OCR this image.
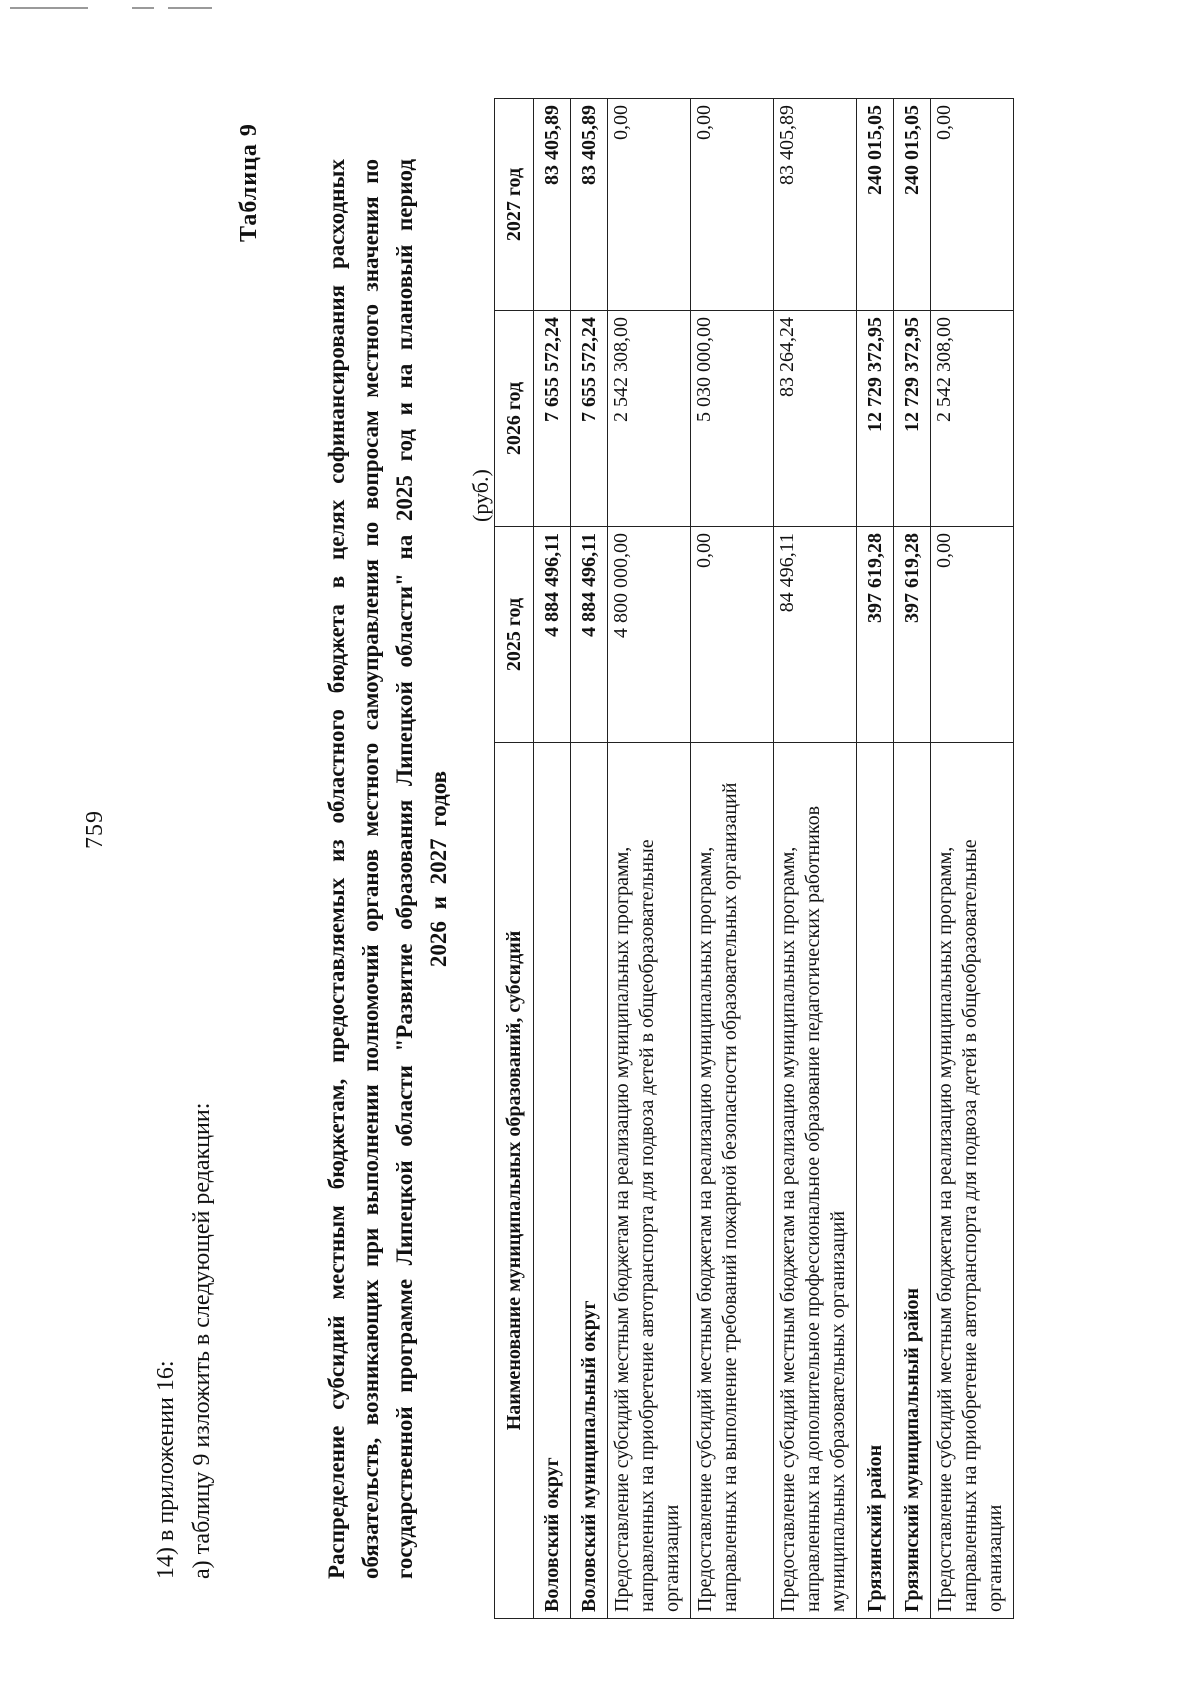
759
14) в приложении 16: а) таблицу 9 изложить в следующей редакции:
Таблица 9	Распределение субсидий местным бюджетам, предоставляемых из областного бюджета в целях софинансирования расходных обязательств, возникающих при выполнении полномочий органов местного самоуправления по вопросам местного значения по государственной программе Липецкой области "Развитие образования Липецкой области" на 2025 год и на плановый период 2026 и 2027 годов
(руб.)
Наименование муниципальных образований, субсидий	2025 год	2026 год	2027 год
Воловский округ	4 884 496,11	7 655 572,24	83 405,89
Воловский муниципальный округ	4 884 496,11	7 655 572,24	83 405,89
Предоставление субсидий местным бюджетам на реализацию муниципальных программ, направленных на приобретение автотранспорта для подвоза детей в общеобразовательные организации	4 800 000,00	2 542 308,00	0,00
Предоставление субсидий местным бюджетам на реализацию муниципальных программ, направленных на выполнение требований пожарной безопасности образовательных организаций	0,00	5 030 000,00	0,00
Предоставление субсидий местным бюджетам на реализацию муниципальных программ, направленных на дополнительное профессиональное образование педагогических работников муниципальных образовательных организаций	84 496,11	83 264,24	83 405,89
Грязинский район	397 619,28	12 729 372,95	240 015,05
Грязинский муниципальный район	397 619,28	12 729 372,95	240 015,05
Предоставление субсидий местным бюджетам на реализацию муниципальных программ, направленных на приобретение автотранспорта для подвоза детей в общеобразовательные организации	0,00	2 542 308,00	0,00
